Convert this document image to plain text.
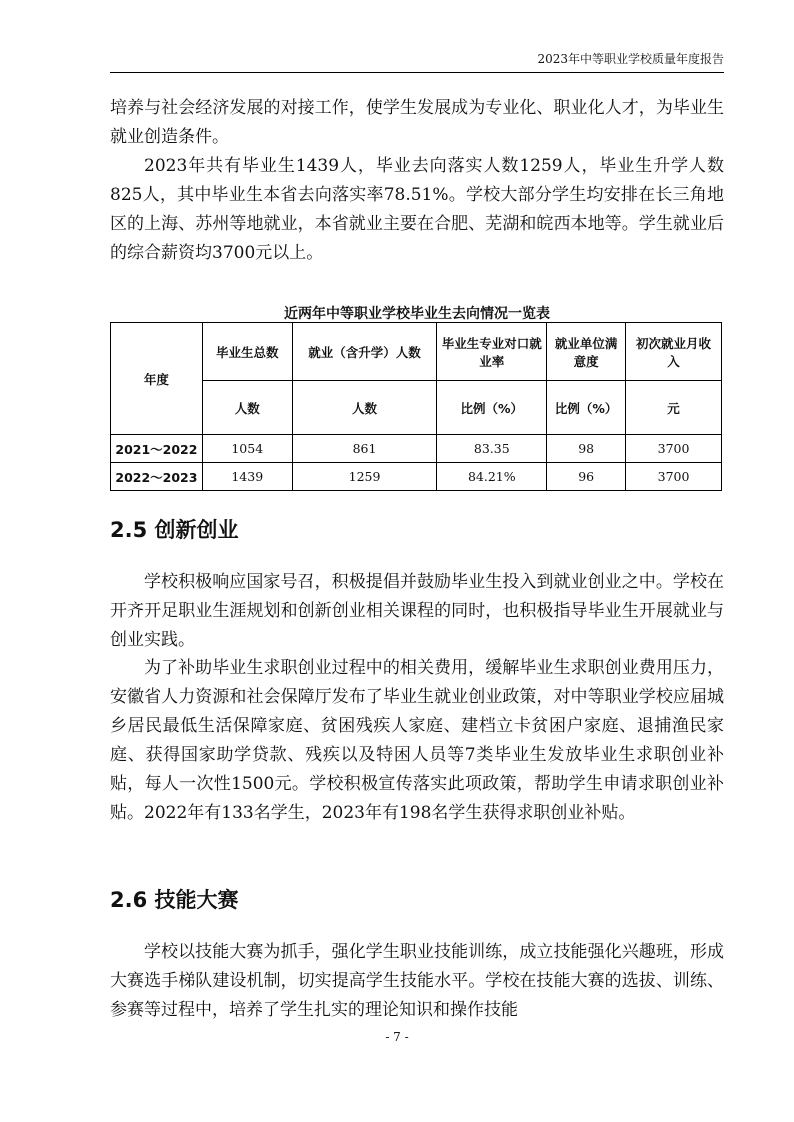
2023年中等职业学校质量年度报告

培养与社会经济发展的对接工作，使学生发展成为专业化、职业化人才，为毕业生就业创造条件。

2023年共有毕业生1439人，毕业去向落实人数1259人，毕业生升学人数825人，其中毕业生本省去向落实率78.51%。学校大部分学生均安排在长三角地区的上海、苏州等地就业，本省就业主要在合肥、芜湖和皖西本地等。学生就业后的综合薪资均3700元以上。

近两年中等职业学校毕业生去向情况一览表
年度	毕业生总数	就业（含升学）人数	毕业生专业对口就业率	就业单位满意度	初次就业月收入
	人数	人数	比例（%）	比例（%）	元
2021～2022	1054	861	83.35	98	3700
2022～2023	1439	1259	84.21%	96	3700
2.5 创新创业

学校积极响应国家号召，积极提倡并鼓励毕业生投入到就业创业之中。学校在开齐开足职业生涯规划和创新创业相关课程的同时，也积极指导毕业生开展就业与创业实践。

为了补助毕业生求职创业过程中的相关费用，缓解毕业生求职创业费用压力，安徽省人力资源和社会保障厅发布了毕业生就业创业政策，对中等职业学校应届城乡居民最低生活保障家庭、贫困残疾人家庭、建档立卡贫困户家庭、退捕渔民家庭、获得国家助学贷款、残疾以及特困人员等7类毕业生发放毕业生求职创业补贴，每人一次性1500元。学校积极宣传落实此项政策，帮助学生申请求职创业补贴。2022年有133名学生，2023年有198名学生获得求职创业补贴。

2.6 技能大赛

学校以技能大赛为抓手，强化学生职业技能训练，成立技能强化兴趣班，形成大赛选手梯队建设机制，切实提高学生技能水平。学校在技能大赛的选拔、训练、参赛等过程中，培养了学生扎实的理论知识和操作技能

- 7 -
